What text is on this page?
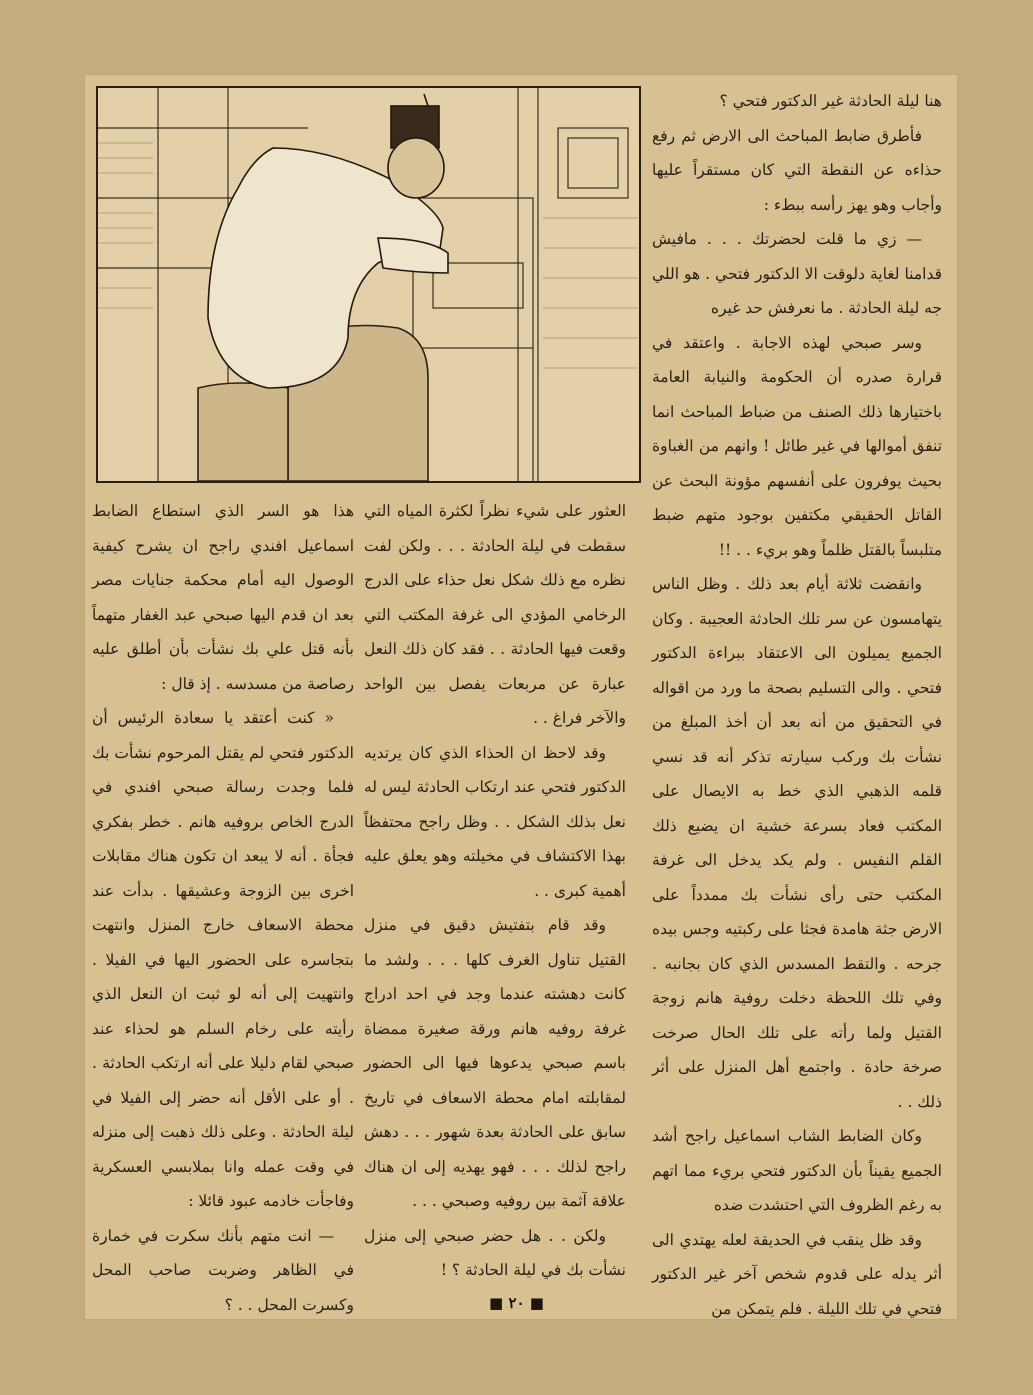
هنا ليلة الحادثة غير الدكتور فتحي ؟

فأطرق ضابط المباحث الى الارض ثم رفع حذاءه عن النقطة التي كان مستقراً عليها وأجاب وهو يهز رأسه ببطء :

— زي ما قلت لحضرتك . . . مافيش قدامنا لغاية دلوقت الا الدكتور فتحي . هو اللي جه ليلة الحادثة . ما نعرفش حد غيره

وسر صبحي لهذه الاجابة . واعتقد في قرارة صدره أن الحكومة والنيابة العامة باختيارها ذلك الصنف من ضباط المباحث انما تنفق أموالها في غير طائل ! وانهم من الغباوة بحيث يوفرون على أنفسهم مؤونة البحث عن القاتل الحقيقي مكتفين بوجود متهم ضبط متلبساً بالقتل ظلماً وهو بريء . . !!

وانقضت ثلاثة أيام بعد ذلك . وظل الناس يتهامسون عن سر تلك الحادثة العجيبة . وكان الجميع يميلون الى الاعتقاد ببراءة الدكتور فتحي . والى التسليم بصحة ما ورد من اقواله في التحقيق من أنه بعد أن أخذ المبلغ من نشأت بك وركب سيارته تذكر أنه قد نسي قلمه الذهبي الذي خط به الايصال على المكتب فعاد بسرعة خشية ان يضيع ذلك القلم النفيس . ولم يكد يدخل الى غرفة المكتب حتى رأى نشأت بك ممدداً على الارض جثة هامدة فجثا على ركبتيه وجس بيده جرحه . والتقط المسدس الذي كان بجانبه . وفي تلك اللحظة دخلت روفية هانم زوجة القتيل ولما رأته على تلك الحال صرخت صرخة حادة . واجتمع أهل المنزل على أثر ذلك . .

وكان الضابط الشاب اسماعيل راجح أشد الجميع يقيناً بأن الدكتور فتحي بريء مما اتهم به رغم الظروف التي احتشدت ضده

وقد ظل ينقب في الحديقة لعله يهتدي الى أثر يدله على قدوم شخص آخر غير الدكتور فتحي في تلك الليلة . فلم يتمكن من

العثور على شيء نظراً لكثرة المياه التي سقطت في ليلة الحادثة . . . ولكن لفت نظره مع ذلك شكل نعل حذاء على الدرج الرخامي المؤدي الى غرفة المكتب التي وقعت فيها الحادثة . . فقد كان ذلك النعل عبارة عن مربعات يفصل بين الواحد والآخر فراغ . .

وقد لاحظ ان الحذاء الذي كان يرتديه الدكتور فتحي عند ارتكاب الحادثة ليس له نعل بذلك الشكل . . وظل راجح محتفظاً بهذا الاكتشاف في مخيلته وهو يعلق عليه أهمية كبرى . .

وقد قام بتفتيش دقيق في منزل القتيل تناول الغرف كلها . . . ولشد ما كانت دهشته عندما وجد في احد ادراج غرفة روفيه هانم ورقة صغيرة ممضاة باسم صبحي يدعوها فيها الى الحضور لمقابلته امام محطة الاسعاف في تاريخ سابق على الحادثة بعدة شهور . . . دهش راجح لذلك . . . فهو يهديه إلى ان هناك علاقة آثمة بين روفيه وصبحي . . .

ولكن . . هل حضر صبحي إلى منزل نشأت بك في ليلة الحادثة ؟ !

هذا هو السر الذي استطاع الضابط اسماعيل افندي راجح ان يشرح كيفية الوصول اليه أمام محكمة جنايات مصر بعد ان قدم اليها صبحي عبد الغفار متهماً بأنه قتل علي بك نشأت بأن أطلق عليه رصاصة من مسدسه . إذ قال :

« كنت أعتقد يا سعادة الرئيس أن الدكتور فتحي لم يقتل المرحوم نشأت بك فلما وجدت رسالة صبحي افندي في الدرج الخاص بروفيه هانم . خطر بفكري فجأة . أنه لا يبعد ان تكون هناك مقابلات اخرى بين الزوجة وعشيقها . بدأت عند محطة الاسعاف خارج المنزل وانتهت بتجاسره على الحضور اليها في الفيلا . وانتهيت إلى أنه لو ثبت ان النعل الذي رأيته على رخام السلم هو لحذاء عند صبحي لقام دليلا على أنه ارتكب الحادثة . . أو على الأقل أنه حضر إلى الفيلا في ليلة الحادثة . وعلى ذلك ذهبت إلى منزله في وقت عمله وانا بملابسي العسكرية وفاجأت خادمه عبود قائلا :

— انت متهم بأنك سكرت في خمارة في الظاهر وضربت صاحب المحل وكسرت المحل . . ؟	■ ٢٠ ■
